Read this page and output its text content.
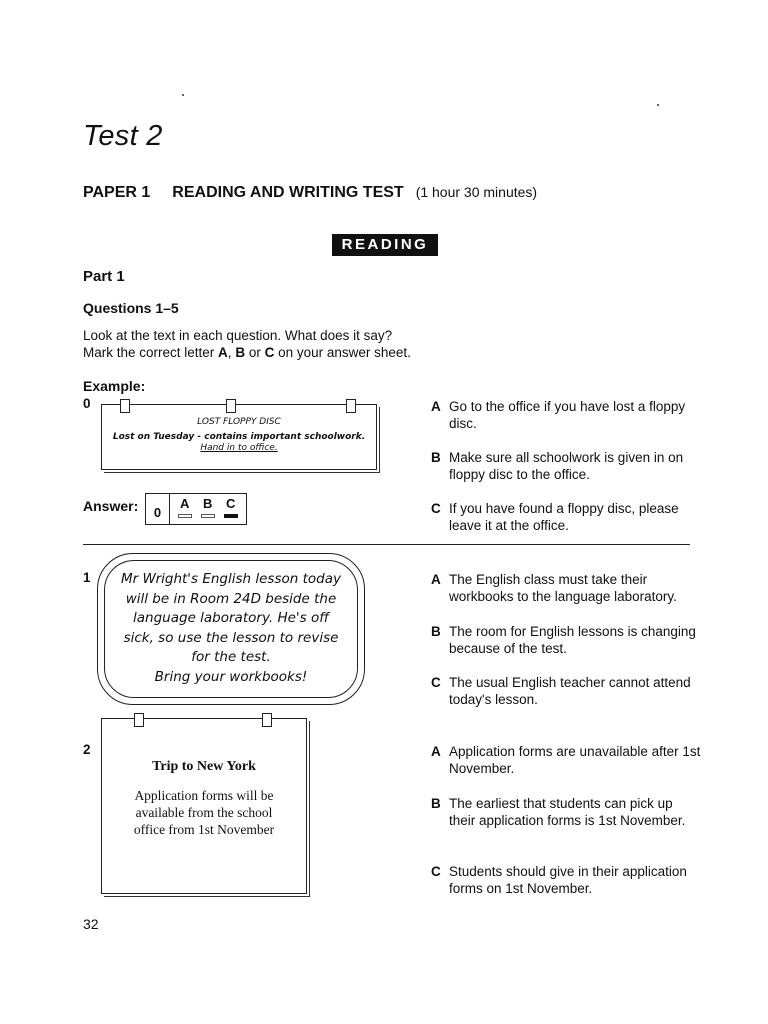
Test 2
PAPER 1 READING AND WRITING TEST (1 hour 30 minutes)
READING
Part 1
Questions 1–5
Look at the text in each question. What does it say?
Mark the correct letter A, B or C on your answer sheet.
Example:
0
LOST FLOPPY DISC
Lost on Tuesday - contains important schoolwork.
Hand in to office.
A Go to the office if you have lost a floppy disc.
B Make sure all schoolwork is given in on floppy disc to the office.
C If you have found a floppy disc, please leave it at the office.
Answer:	0
A B C
1	Mr Wright's English lesson today
will be in Room 24D beside the
language laboratory. He's off
sick, so use the lesson to revise
for the test.
Bring your workbooks!
A The English class must take their workbooks to the language laboratory.
B The room for English lessons is changing because of the test.
C The usual English teacher cannot attend today's lesson.
2
Trip to New York
Application forms will be
available from the school
office from 1st November
A Application forms are unavailable after 1st November.
B The earliest that students can pick up their application forms is 1st November.
C Students should give in their application forms on 1st November.
32
